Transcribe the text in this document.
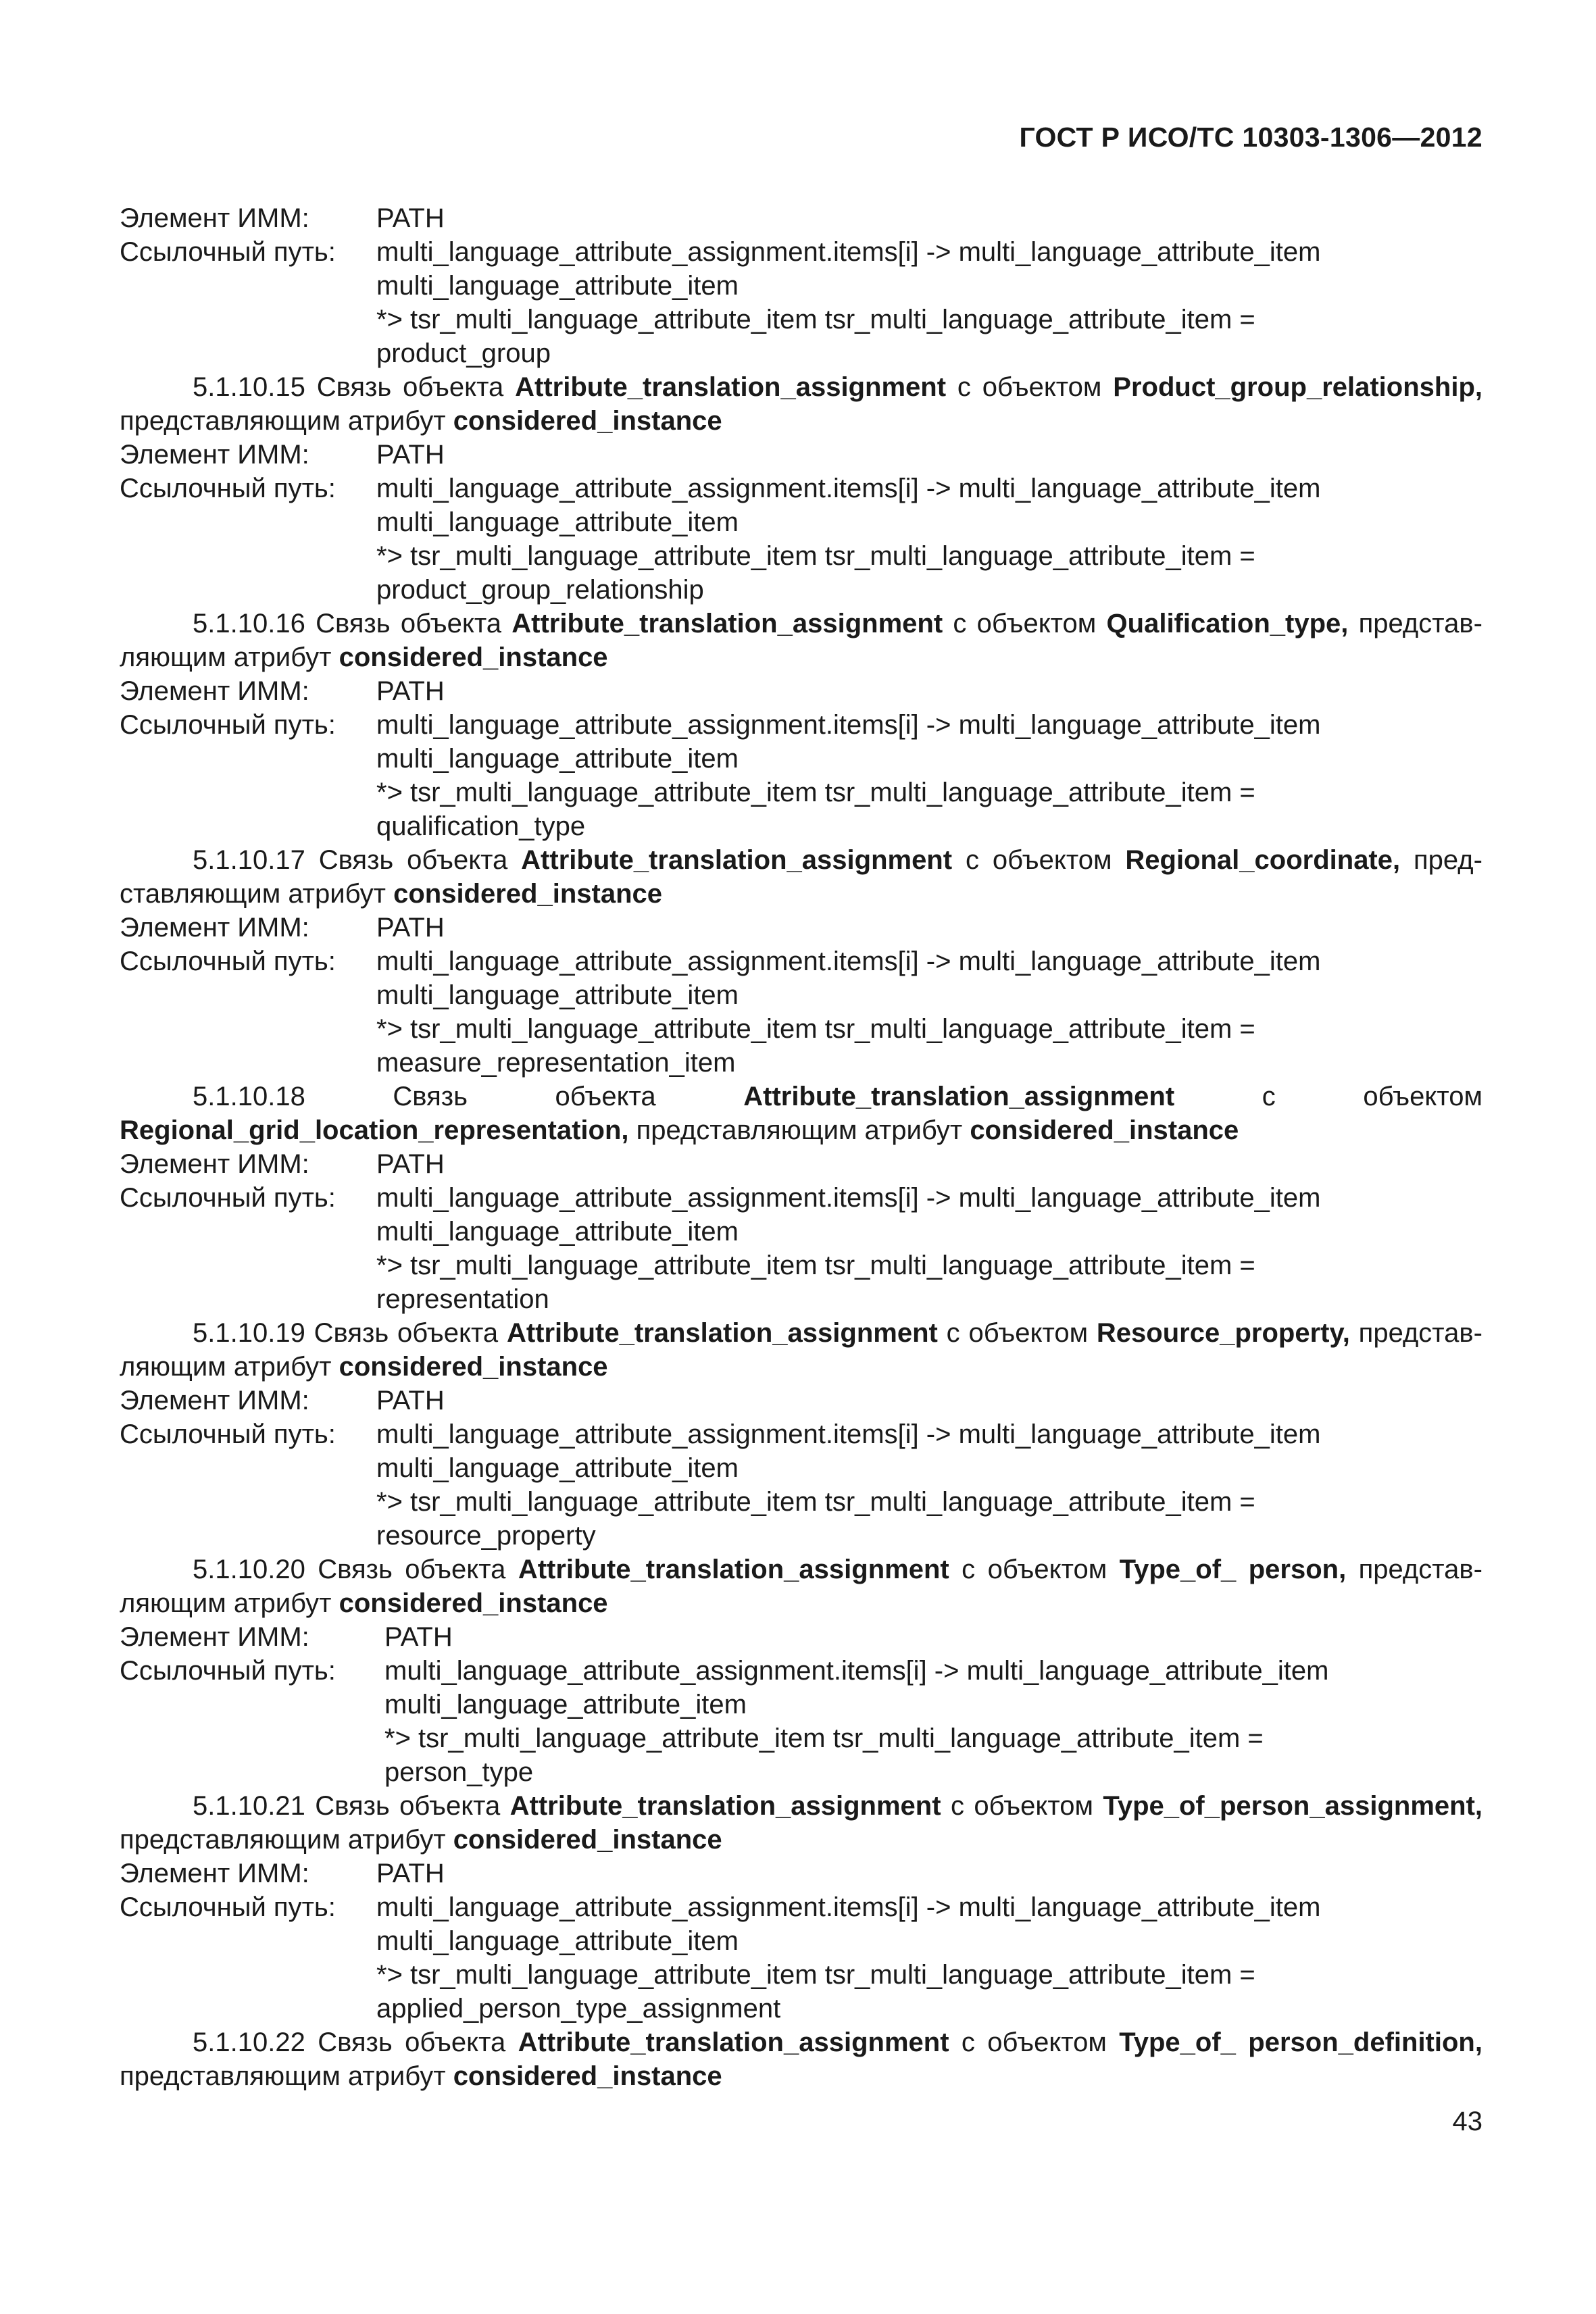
ГОСТ Р ИСО/ТС 10303-1306—2012
Элемент ИММ:	PATH
Ссылочный путь:	multi_language_attribute_assignment.items[i] -> multi_language_attribute_item
multi_language_attribute_item
*> tsr_multi_language_attribute_item tsr_multi_language_attribute_item =
product_group
5.1.10.15 Связь объекта Attribute_translation_assignment с объектом Product_group_relationship, представляющим атрибут considered_instance
Элемент ИММ:	PATH
Ссылочный путь:	multi_language_attribute_assignment.items[i] -> multi_language_attribute_item
multi_language_attribute_item
*> tsr_multi_language_attribute_item tsr_multi_language_attribute_item =
product_group_relationship
5.1.10.16 Связь объекта Attribute_translation_assignment с объектом Qualification_type, представ-ляющим атрибут considered_instance
Элемент ИММ:	PATH
Ссылочный путь:	multi_language_attribute_assignment.items[i] -> multi_language_attribute_item
multi_language_attribute_item
*> tsr_multi_language_attribute_item tsr_multi_language_attribute_item =
qualification_type
5.1.10.17 Связь объекта Attribute_translation_assignment с объектом Regional_coordinate, пред-ставляющим атрибут considered_instance
Элемент ИММ:	PATH
Ссылочный путь:	multi_language_attribute_assignment.items[i] -> multi_language_attribute_item
multi_language_attribute_item
*> tsr_multi_language_attribute_item tsr_multi_language_attribute_item =
measure_representation_item
5.1.10.18	Связь объекта	Attribute_translation_assignment	с объектом Regional_grid_location_representation, представляющим атрибут considered_instance
Элемент ИММ:	PATH
Ссылочный путь:	multi_language_attribute_assignment.items[i] -> multi_language_attribute_item
multi_language_attribute_item
*> tsr_multi_language_attribute_item tsr_multi_language_attribute_item =
representation
5.1.10.19 Связь объекта Attribute_translation_assignment с объектом Resource_property, представ-ляющим атрибут considered_instance
Элемент ИММ:	PATH
Ссылочный путь:	multi_language_attribute_assignment.items[i] -> multi_language_attribute_item
multi_language_attribute_item
*> tsr_multi_language_attribute_item tsr_multi_language_attribute_item =
resource_property
5.1.10.20 Связь объекта Attribute_translation_assignment с объектом Type_of_ person, представ-ляющим атрибут considered_instance
Элемент ИММ:	PATH
Ссылочный путь:	multi_language_attribute_assignment.items[i] -> multi_language_attribute_item
multi_language_attribute_item
*> tsr_multi_language_attribute_item tsr_multi_language_attribute_item =
person_type
5.1.10.21 Связь объекта Attribute_translation_assignment с объектом Type_of_person_assignment, представляющим атрибут considered_instance
Элемент ИММ:	PATH
Ссылочный путь:	multi_language_attribute_assignment.items[i] -> multi_language_attribute_item
multi_language_attribute_item
*> tsr_multi_language_attribute_item tsr_multi_language_attribute_item =
applied_person_type_assignment
5.1.10.22 Связь объекта Attribute_translation_assignment с объектом Type_of_ person_definition, представляющим атрибут considered_instance
43
